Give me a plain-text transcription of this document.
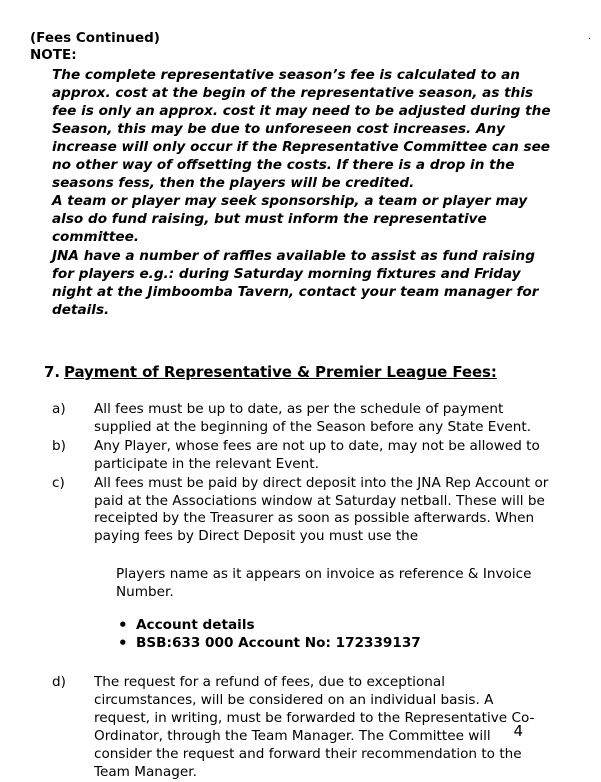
.

(Fees Continued)

NOTE:

The complete representative season’s fee is calculated to an approx. cost at the begin of the representative season, as this fee is only an approx. cost it may need to be adjusted during the Season, this may be due to unforeseen cost increases. Any increase will only occur if the Representative Committee can see no other way of offsetting the costs. If there is a drop in the seasons fess, then the players will be credited.

A team or player may seek sponsorship, a team or player may also do fund raising, but must inform the representative committee.

JNA have a number of raffles available to assist as fund raising for players e.g.: during Saturday morning fixtures and Friday night at the Jimboomba Tavern, contact your team manager for details.

7. Payment of Representative & Premier League Fees:
a)	All fees must be up to date, as per the schedule of payment supplied at the beginning of the Season before any State Event.
b)	Any Player, whose fees are not up to date, may not be allowed to participate in the relevant Event.
c)	All fees must be paid by direct deposit into the JNA Rep Account or paid at the Associations window at Saturday netball. These will be receipted by the Treasurer as soon as possible afterwards. When paying fees by Direct Deposit you must use the

Players name as it appears on invoice as reference & Invoice Number.

• Account details
• BSB:633 000 Account No: 172339137
d)	The request for a refund of fees, due to exceptional circumstances, will be considered on an individual basis. A request, in writing, must be forwarded to the Representative Co-Ordinator, through the Team Manager. The Committee will consider the request and forward their recommendation to the Team Manager.
4
